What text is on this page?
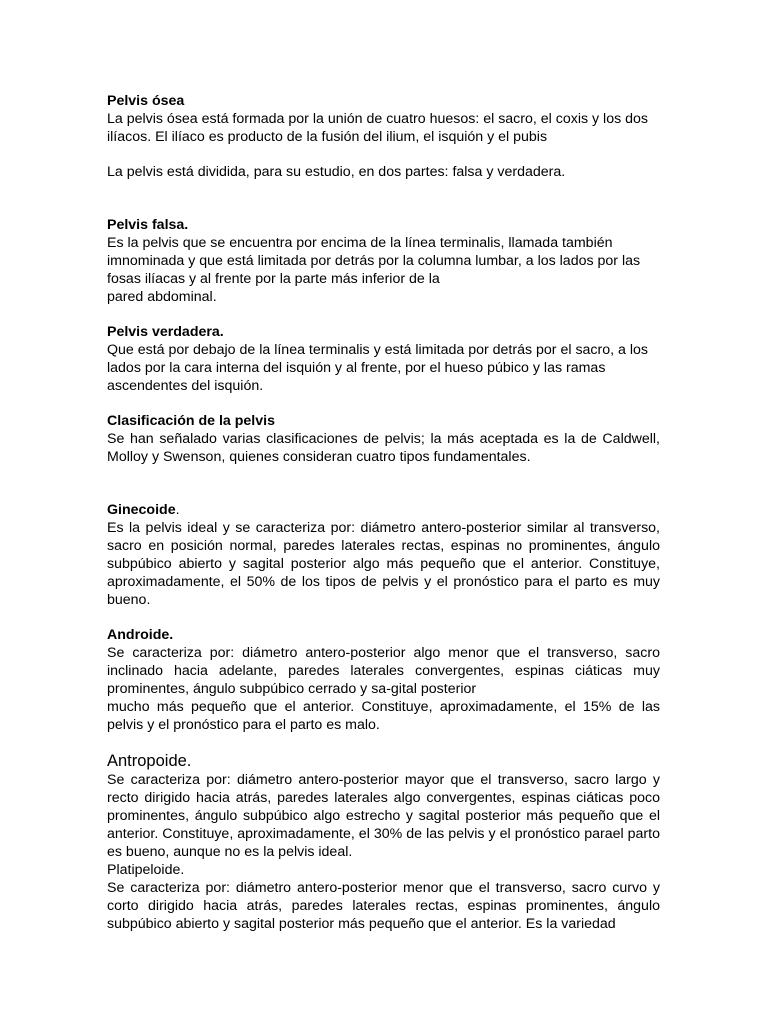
Pelvis ósea

La pelvis ósea está formada por la unión de cuatro huesos: el sacro, el coxis y los dos ilíacos. El ilíaco es producto de la fusión del ilium, el isquión y el pubis

La pelvis está dividida, para su estudio, en dos partes: falsa y verdadera.

Pelvis falsa.

Es la pelvis que se encuentra por encima de la línea terminalis, llamada también imnominada y que está limitada por detrás por la columna lumbar, a los lados por las fosas ilíacas y al frente por la parte más inferior de la
pared abdominal.

Pelvis verdadera.

Que está por debajo de la línea terminalis y está limitada por detrás por el sacro, a los lados por la cara interna del isquión y al frente, por el hueso púbico y las ramas ascendentes del isquión.

Clasificación de la pelvis

Se han señalado varias clasificaciones de pelvis; la más aceptada es la de Caldwell, Molloy y Swenson, quienes consideran cuatro tipos fundamentales.

Ginecoide.

Es la pelvis ideal y se caracteriza por: diámetro antero-posterior similar al transverso, sacro en posición normal, paredes laterales rectas, espinas no prominentes, ángulo subpúbico abierto y sagital posterior algo más pequeño que el anterior. Constituye, aproximadamente, el 50% de los tipos de pelvis y el pronóstico para el parto es muy bueno.

Androide.

Se caracteriza por: diámetro antero-posterior algo menor que el transverso, sacro inclinado hacia adelante, paredes laterales convergentes, espinas ciáticas muy prominentes, ángulo subpúbico cerrado y sa-gital posterior

mucho más pequeño que el anterior. Constituye, aproximadamente, el 15% de las pelvis y el pronóstico para el parto es malo.

Antropoide.

Se caracteriza por: diámetro antero-posterior mayor que el transverso, sacro largo y recto dirigido hacia atrás, paredes laterales algo convergentes, espinas ciáticas poco prominentes, ángulo subpúbico algo estrecho y sagital posterior más pequeño que el anterior. Constituye, aproximadamente, el 30% de las pelvis y el pronóstico parael parto es bueno, aunque no es la pelvis ideal.

Platipeloide.

Se caracteriza por: diámetro antero-posterior menor que el transverso, sacro curvo y corto dirigido hacia atrás, paredes laterales rectas, espinas prominentes, ángulo subpúbico abierto y sagital posterior más pequeño que el anterior. Es la variedad
